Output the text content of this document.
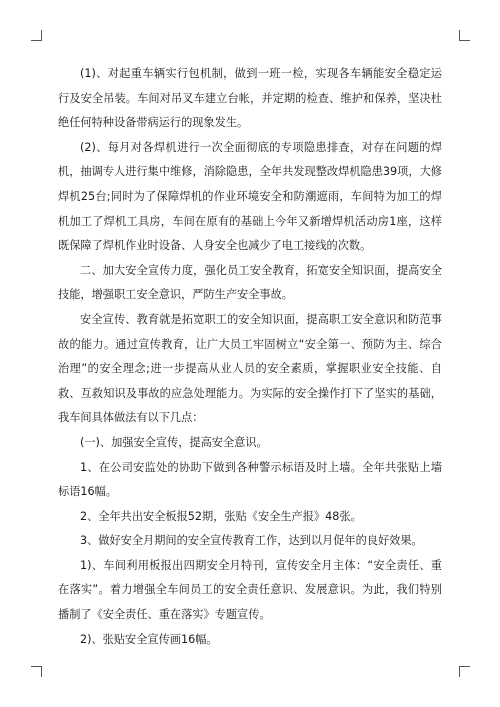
(1)、对起重车辆实行包机制，做到一班一检，实现各车辆能安全稳定运行及安全吊装。车间对吊叉车建立台帐，并定期的检查、维护和保养，坚决杜绝任何特种设备带病运行的现象发生。

(2)、每月对各焊机进行一次全面彻底的专项隐患排查，对存在问题的焊机，抽调专人进行集中维修，消除隐患，全年共发现整改焊机隐患39项，大修焊机25台;同时为了保障焊机的作业环境安全和防潮遮雨，车间特为加工的焊机加工了焊机工具房，车间在原有的基础上今年又新增焊机活动房1座，这样既保障了焊机作业时设备、人身安全也减少了电工接线的次数。

二、加大安全宣传力度，强化员工安全教育，拓宽安全知识面，提高安全技能，增强职工安全意识，严防生产安全事故。

安全宣传、教育就是拓宽职工的安全知识面，提高职工安全意识和防范事故的能力。通过宣传教育，让广大员工牢固树立“安全第一、预防为主、综合治理”的安全理念;进一步提高从业人员的安全素质，掌握职业安全技能、自救、互救知识及事故的应急处理能力。为实际的安全操作打下了坚实的基础，我车间具体做法有以下几点：

(一)、加强安全宣传，提高安全意识。

1、在公司安监处的协助下做到各种警示标语及时上墙。全年共张贴上墙标语16幅。

2、全年共出安全板报52期，张贴《安全生产报》48张。

3、做好安全月期间的安全宣传教育工作，达到以月促年的良好效果。

1)、车间利用板报出四期安全月特刊，宣传安全月主体：“安全责任、重在落实”。着力增强全车间员工的安全责任意识、发展意识。为此，我们特别播制了《安全责任、重在落实》专题宣传。

2)、张贴安全宣传画16幅。
